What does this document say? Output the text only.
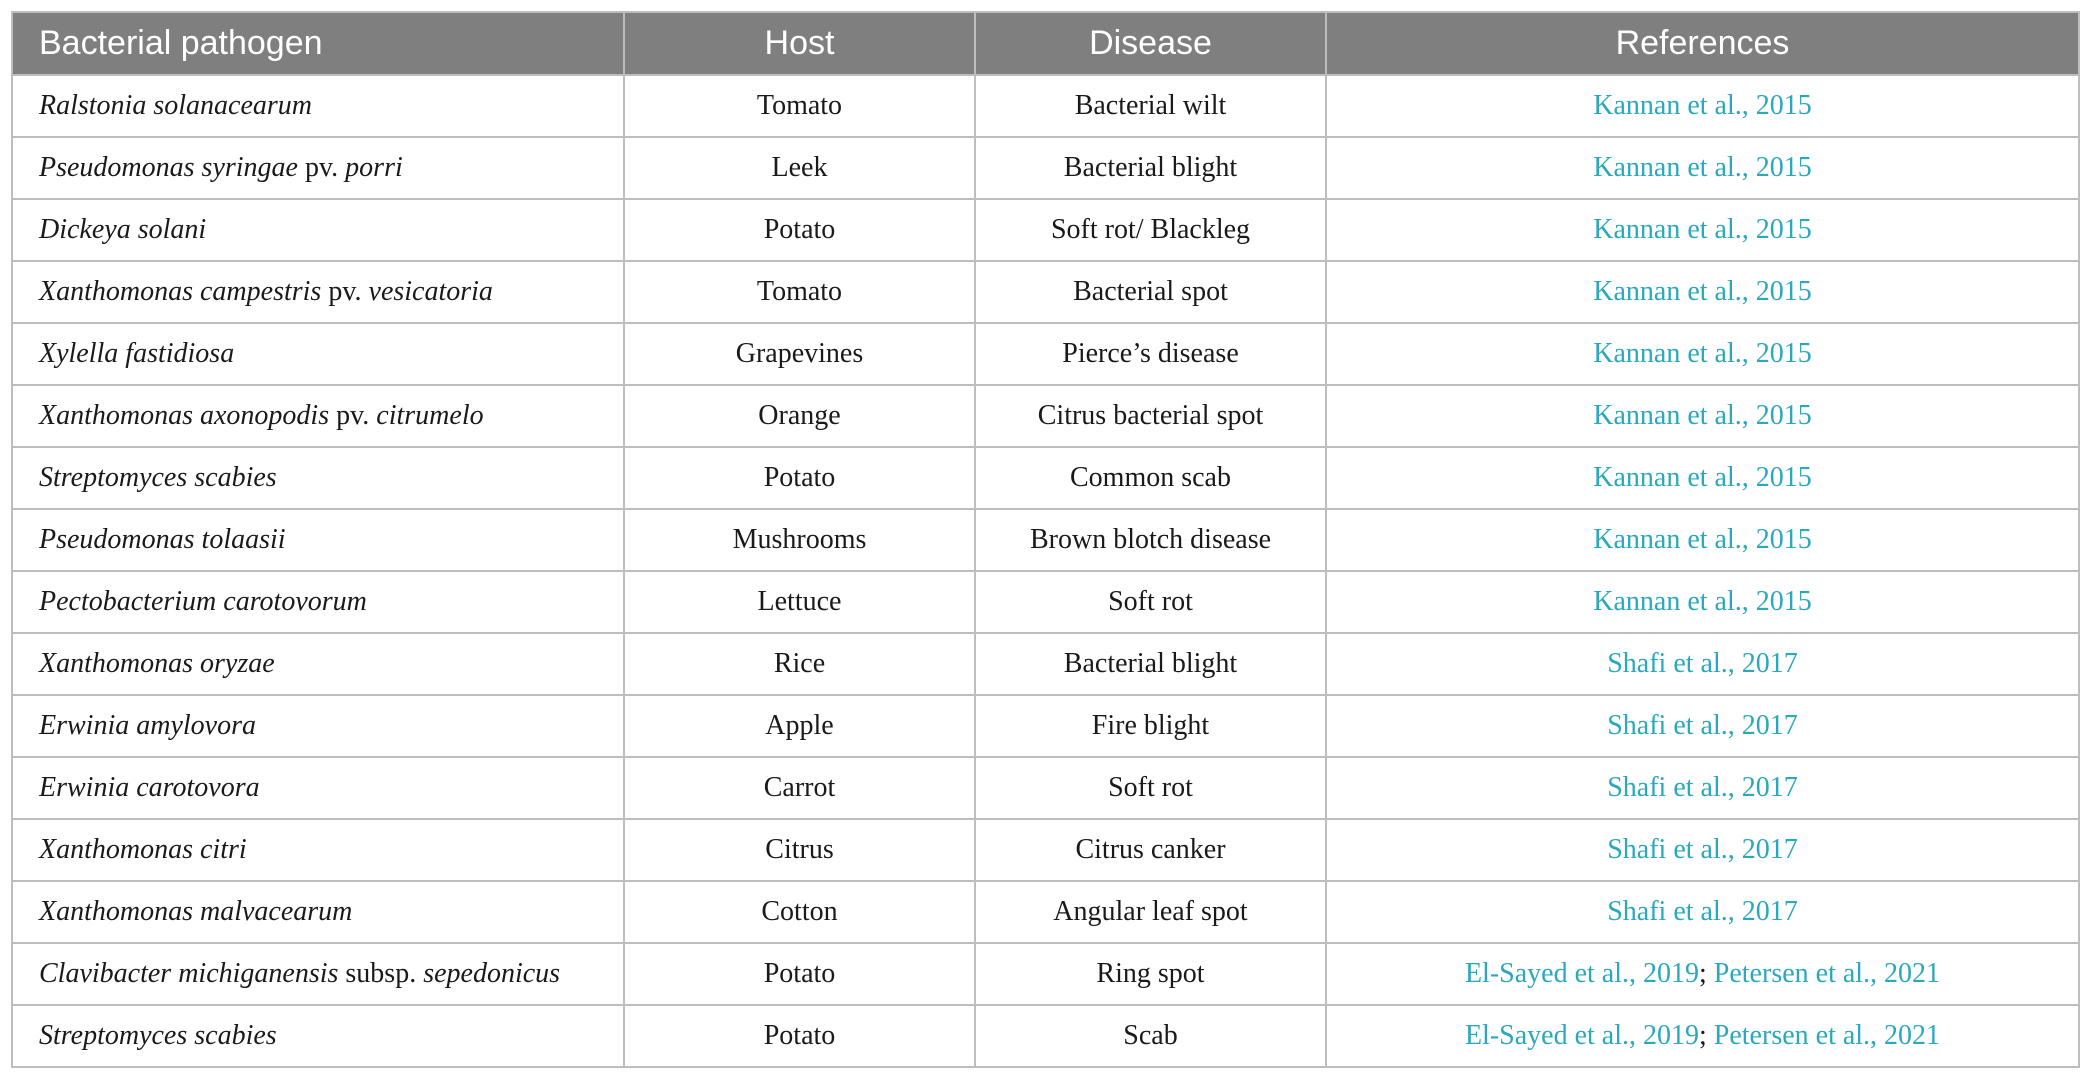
Bacterial pathogen	Host	Disease	References
Ralstonia solanacearum	Tomato	Bacterial wilt	Kannan et al., 2015
Pseudomonas syringae pv. porri	Leek	Bacterial blight	Kannan et al., 2015
Dickeya solani	Potato	Soft rot/ Blackleg	Kannan et al., 2015
Xanthomonas campestris pv. vesicatoria	Tomato	Bacterial spot	Kannan et al., 2015
Xylella fastidiosa	Grapevines	Pierce’s disease	Kannan et al., 2015
Xanthomonas axonopodis pv. citrumelo	Orange	Citrus bacterial spot	Kannan et al., 2015
Streptomyces scabies	Potato	Common scab	Kannan et al., 2015
Pseudomonas tolaasii	Mushrooms	Brown blotch disease	Kannan et al., 2015
Pectobacterium carotovorum	Lettuce	Soft rot	Kannan et al., 2015
Xanthomonas oryzae	Rice	Bacterial blight	Shafi et al., 2017
Erwinia amylovora	Apple	Fire blight	Shafi et al., 2017
Erwinia carotovora	Carrot	Soft rot	Shafi et al., 2017
Xanthomonas citri	Citrus	Citrus canker	Shafi et al., 2017
Xanthomonas malvacearum	Cotton	Angular leaf spot	Shafi et al., 2017
Clavibacter michiganensis subsp. sepedonicus	Potato	Ring spot	El-Sayed et al., 2019; Petersen et al., 2021
Streptomyces scabies	Potato	Scab	El-Sayed et al., 2019; Petersen et al., 2021
